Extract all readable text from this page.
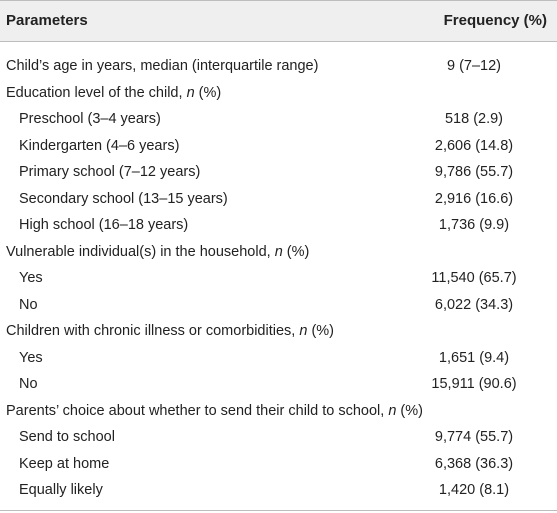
Parameters	Frequency (%)
Child’s age in years, median (interquartile range)	9 (7–12)
Education level of the child, n (%)
Preschool (3–4 years)	518 (2.9)
Kindergarten (4–6 years)	2,606 (14.8)
Primary school (7–12 years)	9,786 (55.7)
Secondary school (13–15 years)	2,916 (16.6)
High school (16–18 years)	1,736 (9.9)
Vulnerable individual(s) in the household, n (%)
Yes	11,540 (65.7)
No	6,022 (34.3)
Children with chronic illness or comorbidities, n (%)
Yes	1,651 (9.4)
No	15,911 (90.6)
Parents’ choice about whether to send their child to school, n (%)
Send to school	9,774 (55.7)
Keep at home	6,368 (36.3)
Equally likely	1,420 (8.1)
